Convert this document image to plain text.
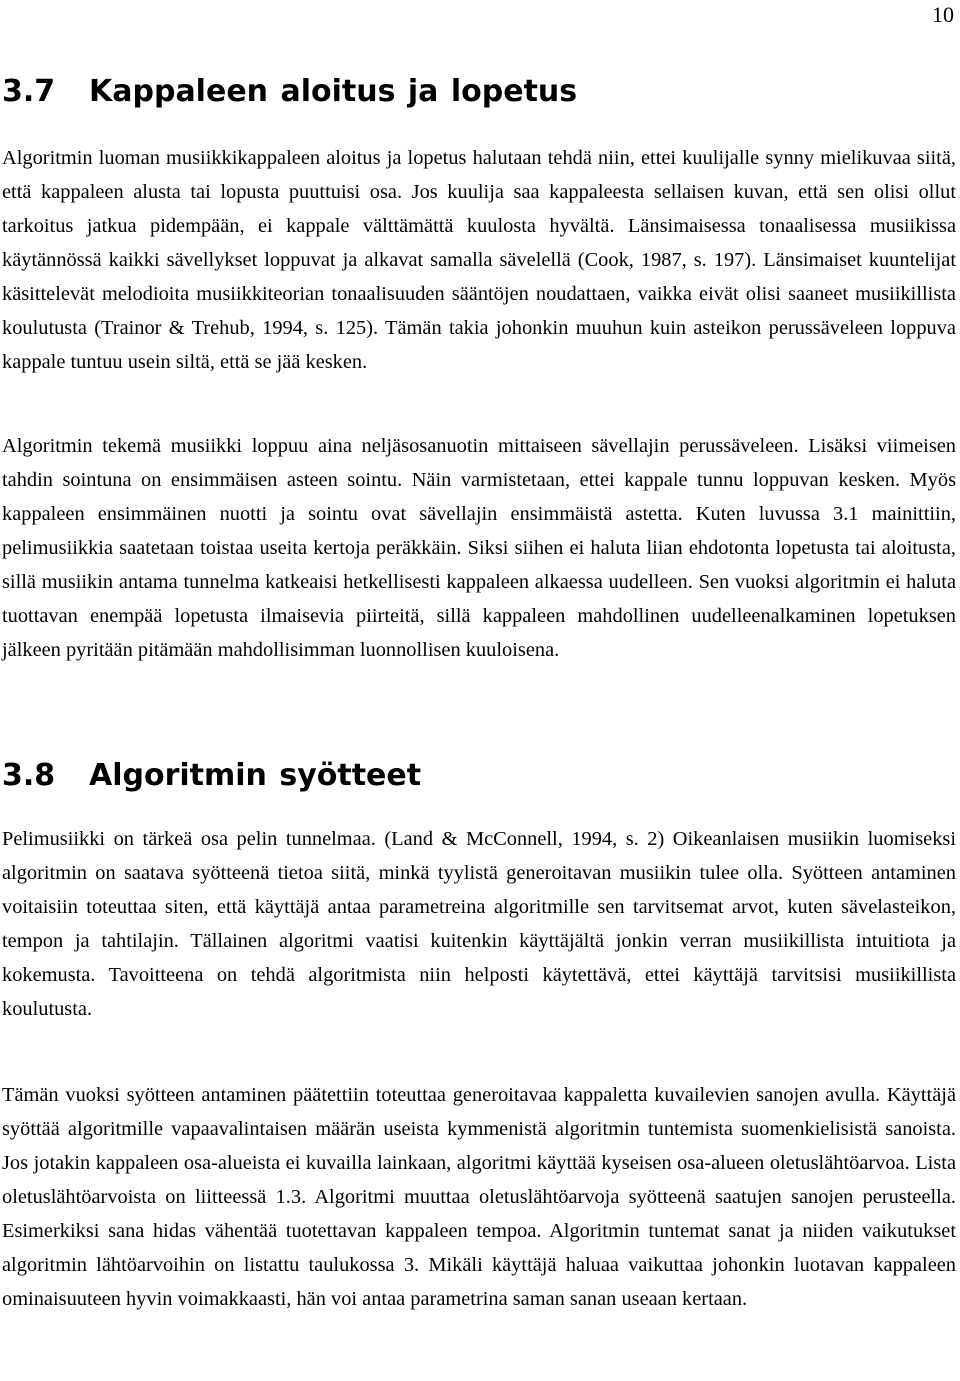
10
3.7 Kappaleen aloitus ja lopetus

Algoritmin luoman musiikkikappaleen aloitus ja lopetus halutaan tehdä niin, ettei kuulijalle synny mielikuvaa siitä, että kappaleen alusta tai lopusta puuttuisi osa. Jos kuulija saa kappaleesta sellaisen kuvan, että sen olisi ollut tarkoitus jatkua pidempään, ei kappale välttämättä kuulosta hyvältä. Länsimaisessa tonaalisessa musiikissa käytännössä kaikki sävellykset loppuvat ja alkavat samalla sävelellä (Cook, 1987, s. 197). Länsimaiset kuuntelijat käsittelevät melodioita musiikkiteorian tonaalisuuden sääntöjen noudattaen, vaikka eivät olisi saaneet musiikillista koulutusta (Trainor & Trehub, 1994, s. 125). Tämän takia johonkin muuhun kuin asteikon perussäveleen loppuva kappale tuntuu usein siltä, että se jää kesken.

Algoritmin tekemä musiikki loppuu aina neljäsosanuotin mittaiseen sävellajin perussäveleen. Lisäksi viimeisen tahdin sointuna on ensimmäisen asteen sointu. Näin varmistetaan, ettei kappale tunnu loppuvan kesken. Myös kappaleen ensimmäinen nuotti ja sointu ovat sävellajin ensimmäistä astetta. Kuten luvussa 3.1 mainittiin, pelimusiikkia saatetaan toistaa useita kertoja peräkkäin. Siksi siihen ei haluta liian ehdotonta lopetusta tai aloitusta, sillä musiikin antama tunnelma katkeaisi hetkellisesti kappaleen alkaessa uudelleen. Sen vuoksi algoritmin ei haluta tuottavan enempää lopetusta ilmaisevia piirteitä, sillä kappaleen mahdollinen uudelleenalkaminen lopetuksen jälkeen pyritään pitämään mahdollisimman luonnollisen kuuloisena.

3.8 Algoritmin syötteet

Pelimusiikki on tärkeä osa pelin tunnelmaa. (Land & McConnell, 1994, s. 2) Oikeanlaisen musiikin luomiseksi algoritmin on saatava syötteenä tietoa siitä, minkä tyylistä generoitavan musiikin tulee olla. Syötteen antaminen voitaisiin toteuttaa siten, että käyttäjä antaa parametreina algoritmille sen tarvitsemat arvot, kuten sävelasteikon, tempon ja tahtilajin. Tällainen algoritmi vaatisi kuitenkin käyttäjältä jonkin verran musiikillista intuitiota ja kokemusta. Tavoitteena on tehdä algoritmista niin helposti käytettävä, ettei käyttäjä tarvitsisi musiikillista koulutusta.

Tämän vuoksi syötteen antaminen päätettiin toteuttaa generoitavaa kappaletta kuvailevien sanojen avulla. Käyttäjä syöttää algoritmille vapaavalintaisen määrän useista kymmenistä algoritmin tuntemista suomenkielisistä sanoista. Jos jotakin kappaleen osa-alueista ei kuvailla lainkaan, algoritmi käyttää kyseisen osa-alueen oletuslähtöarvoa. Lista oletuslähtöarvoista on liitteessä 1.3. Algoritmi muuttaa oletuslähtöarvoja syötteenä saatujen sanojen perusteella. Esimerkiksi sana hidas vähentää tuotettavan kappaleen tempoa. Algoritmin tuntemat sanat ja niiden vaikutukset algoritmin lähtöarvoihin on listattu taulukossa 3. Mikäli käyttäjä haluaa vaikuttaa johonkin luotavan kappaleen ominaisuuteen hyvin voimakkaasti, hän voi antaa parametrina saman sanan useaan kertaan.
